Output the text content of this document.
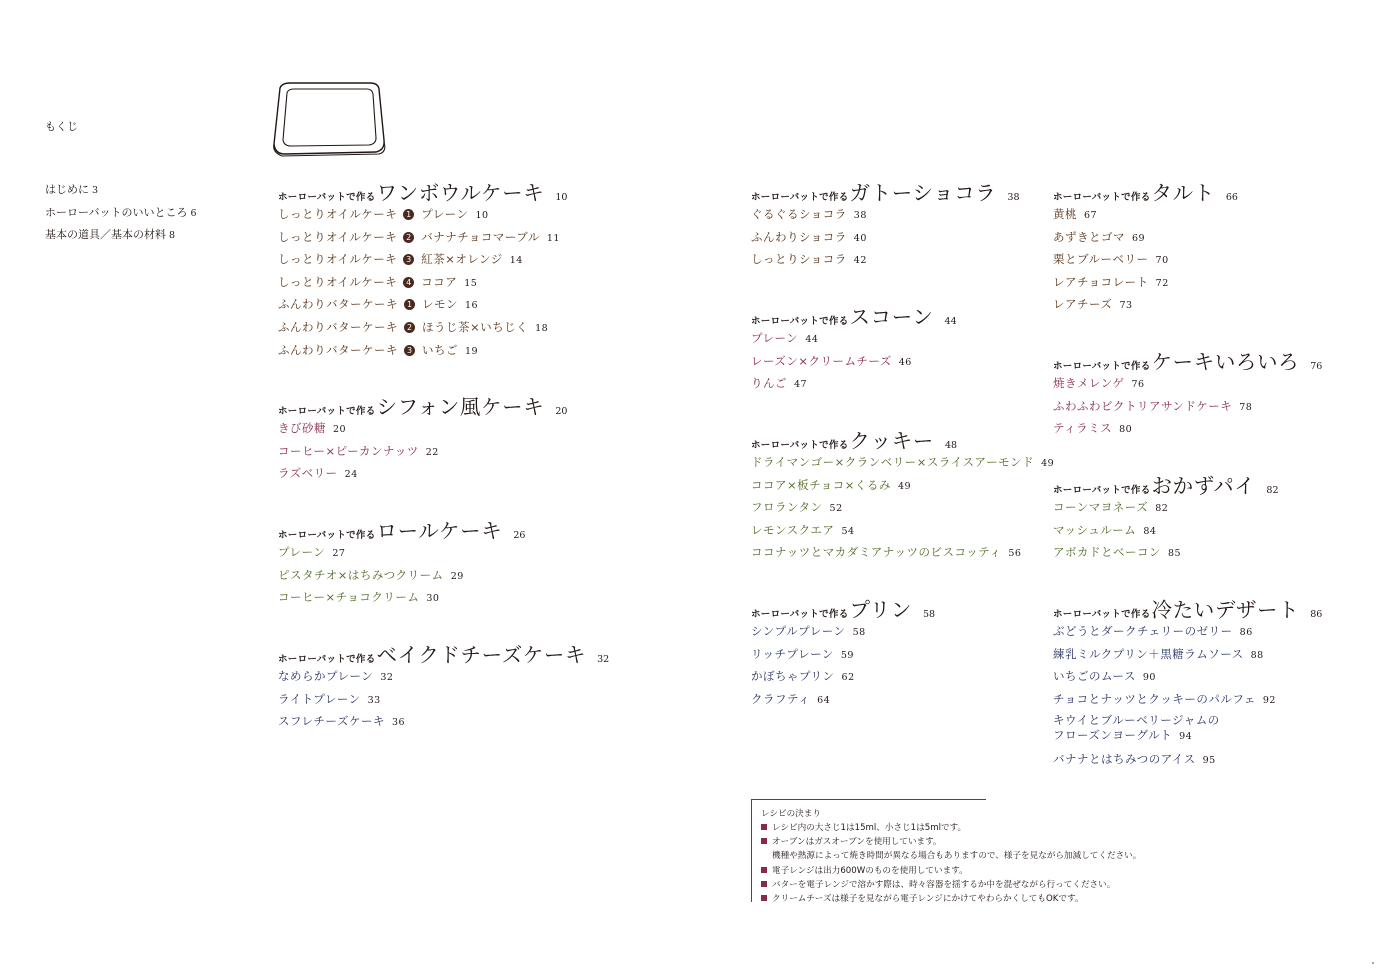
もくじ
はじめに 3
ホーローバットのいいところ 6
基本の道具／基本の材料 8
ホーローバットで作る ワンボウルケーキ 10
しっとりオイルケーキ 1 プレーン 10
しっとりオイルケーキ 2 バナナチョコマーブル 11
しっとりオイルケーキ 3 紅茶×オレンジ 14
しっとりオイルケーキ 4 ココア 15
ふんわりバターケーキ 1 レモン 16
ふんわりバターケーキ 2 ほうじ茶×いちじく 18
ふんわりバターケーキ 3 いちご 19
ホーローバットで作る シフォン風ケーキ 20
きび砂糖 20
コーヒー×ピーカンナッツ 22
ラズベリー 24
ホーローバットで作る ロールケーキ 26
プレーン 27
ピスタチオ×はちみつクリーム 29
コーヒー×チョコクリーム 30
ホーローバットで作る ベイクドチーズケーキ 32
なめらかプレーン 32
ライトプレーン 33
スフレチーズケーキ 36
ホーローバットで作る ガトーショコラ 38
ぐるぐるショコラ 38
ふんわりショコラ 40
しっとりショコラ 42
ホーローバットで作る スコーン 44
プレーン 44
レーズン×クリームチーズ 46
りんご 47
ホーローバットで作る クッキー 48
ドライマンゴー×クランベリー×スライスアーモンド 49
ココア×板チョコ×くるみ 49
フロランタン 52
レモンスクエア 54
ココナッツとマカダミアナッツのビスコッティ 56
ホーローバットで作る プリン 58
シンプルプレーン 58
リッチプレーン 59
かぼちゃプリン 62
クラフティ 64
ホーローバットで作る タルト 66
黄桃 67
あずきとゴマ 69
栗とブルーベリー 70
レアチョコレート 72
レアチーズ 73
ホーローバットで作る ケーキいろいろ 76
焼きメレンゲ 76
ふわふわビクトリアサンドケーキ 78
ティラミス 80
ホーローバットで作る おかずパイ 82
コーンマヨネーズ 82
マッシュルーム 84
アボカドとベーコン 85
ホーローバットで作る 冷たいデザート 86
ぶどうとダークチェリーのゼリー 86
練乳ミルクプリン＋黒糖ラムソース 88
いちごのムース 90
チョコとナッツとクッキーのパルフェ 92
キウイとブルーベリージャムの
フローズンヨーグルト 94
バナナとはちみつのアイス 95
レシピの決まり
レシピ内の大さじ1は15ml、小さじ1は5mlです。
オーブンはガスオーブンを使用しています。
機種や熱源によって焼き時間が異なる場合もありますので、様子を見ながら加減してください。
電子レンジは出力600Wのものを使用しています。
バターを電子レンジで溶かす際は、時々容器を揺するか中を混ぜながら行ってください。
クリームチーズは様子を見ながら電子レンジにかけてやわらかくしてもOKです。
